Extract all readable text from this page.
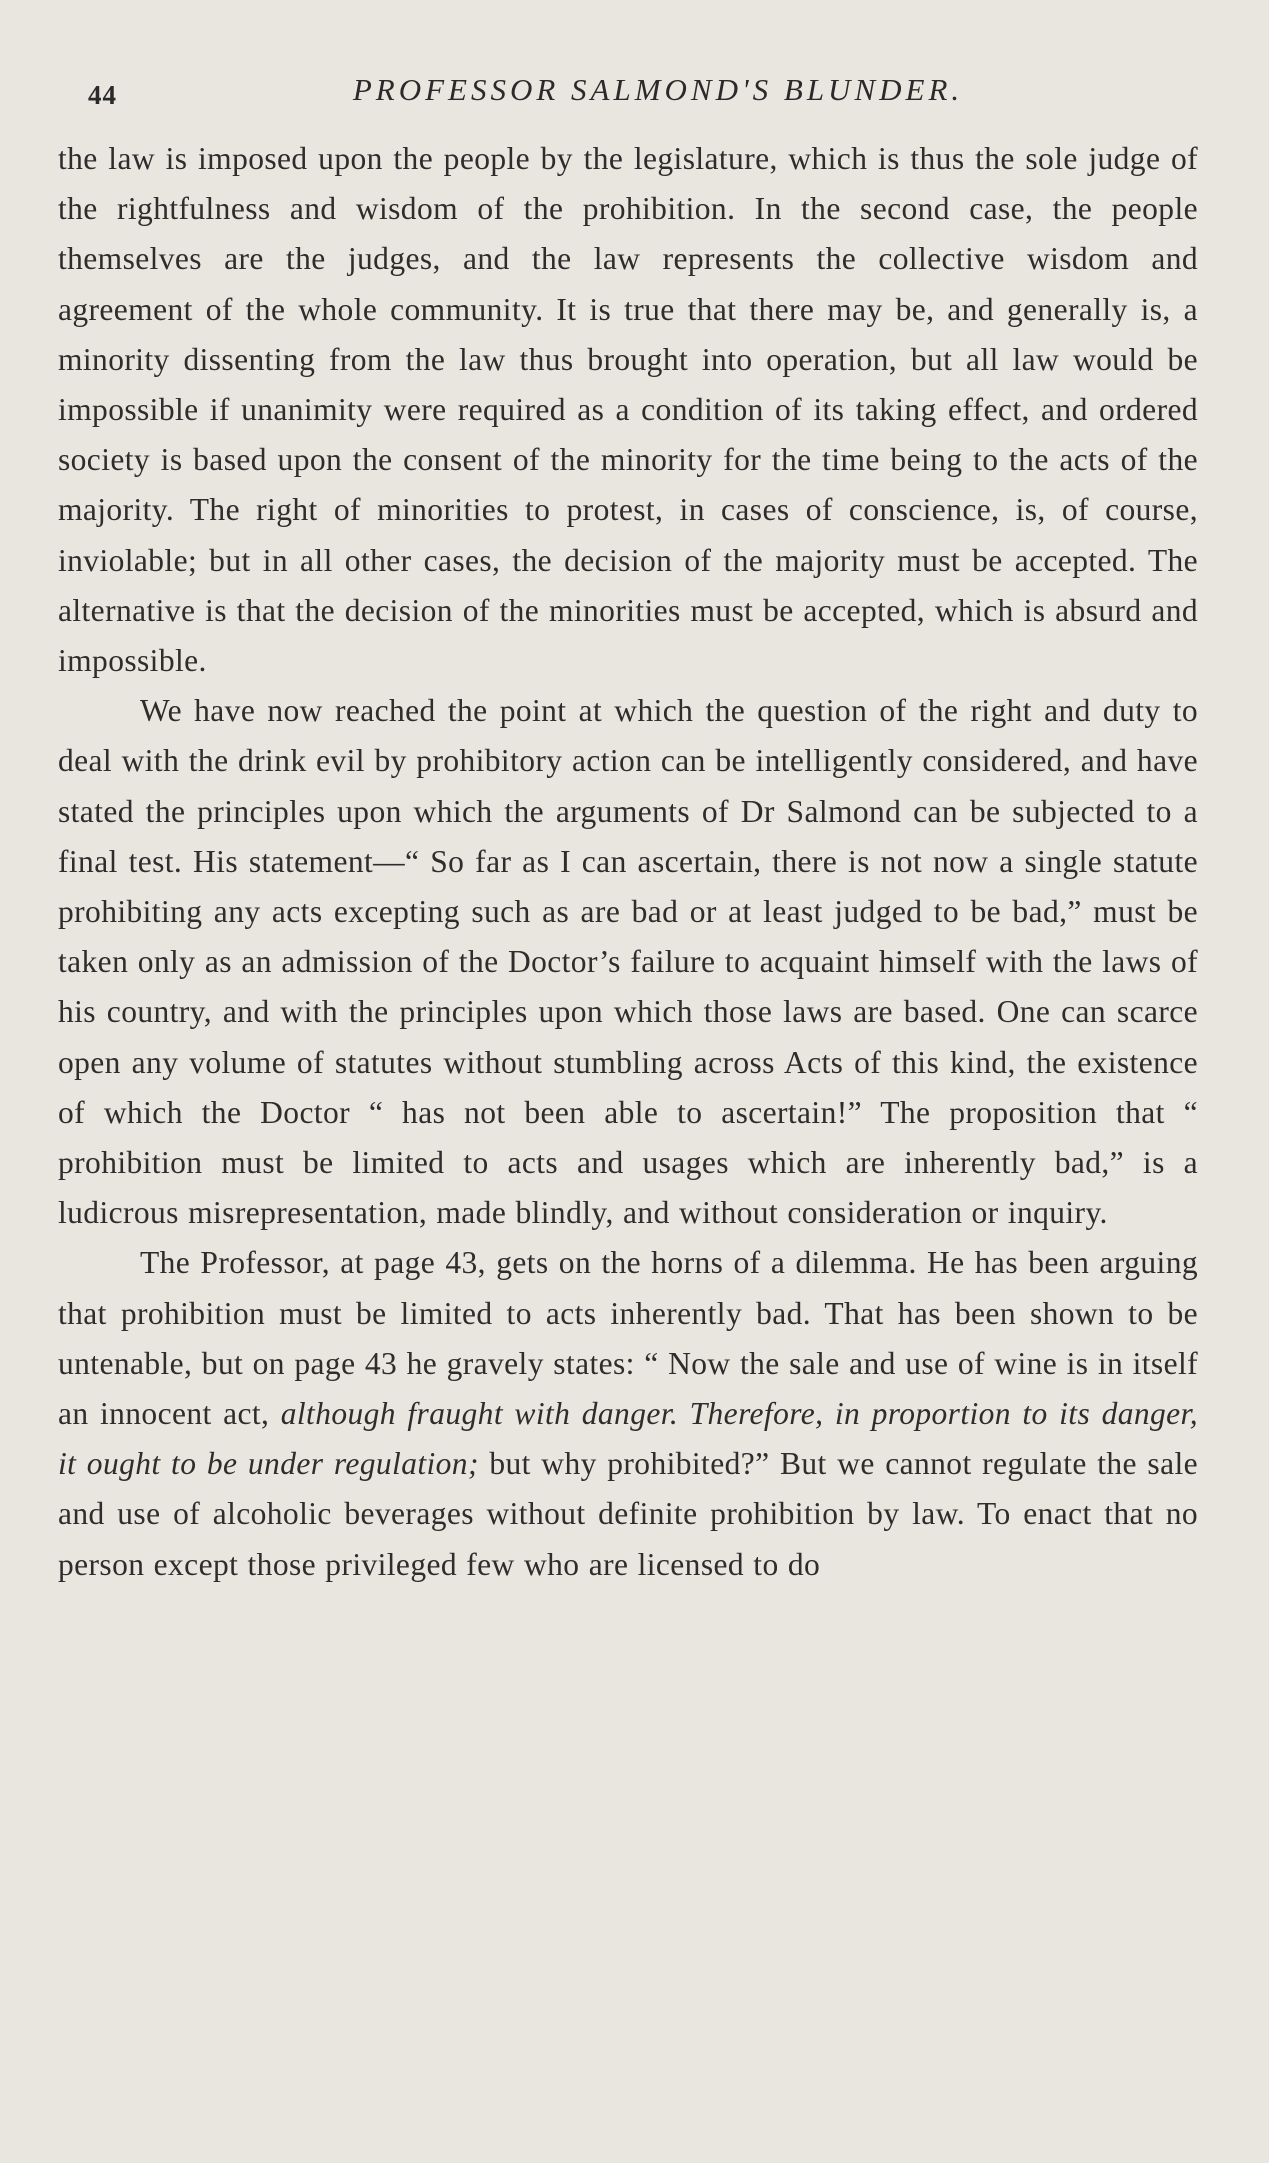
44	PROFESSOR SALMOND'S BLUNDER.

the law is imposed upon the people by the legislature, which is thus the sole judge of the rightfulness and wisdom of the prohibition. In the second case, the people themselves are the judges, and the law represents the collective wisdom and agreement of the whole community. It is true that there may be, and generally is, a minority dissenting from the law thus brought into operation, but all law would be impossible if unanimity were required as a condition of its taking effect, and ordered society is based upon the consent of the minority for the time being to the acts of the majority. The right of minorities to protest, in cases of conscience, is, of course, inviolable; but in all other cases, the decision of the majority must be accepted. The alternative is that the decision of the minorities must be accepted, which is absurd and impossible.

We have now reached the point at which the question of the right and duty to deal with the drink evil by prohibitory action can be intelligently considered, and have stated the principles upon which the arguments of Dr Salmond can be subjected to a final test. His statement—“ So far as I can ascertain, there is not now a single statute prohibiting any acts excepting such as are bad or at least judged to be bad,” must be taken only as an admission of the Doctor’s failure to acquaint himself with the laws of his country, and with the principles upon which those laws are based. One can scarce open any volume of statutes without stumbling across Acts of this kind, the existence of which the Doctor “ has not been able to ascertain!” The proposition that “ prohibition must be limited to acts and usages which are inherently bad,” is a ludicrous misrepresentation, made blindly, and without consideration or inquiry.

The Professor, at page 43, gets on the horns of a dilemma. He has been arguing that prohibition must be limited to acts inherently bad. That has been shown to be untenable, but on page 43 he gravely states: “ Now the sale and use of wine is in itself an innocent act, although fraught with danger. Therefore, in proportion to its danger, it ought to be under regulation; but why prohibited?” But we cannot regulate the sale and use of alcoholic beverages without definite prohibition by law. To enact that no person except those privileged few who are licensed to do
